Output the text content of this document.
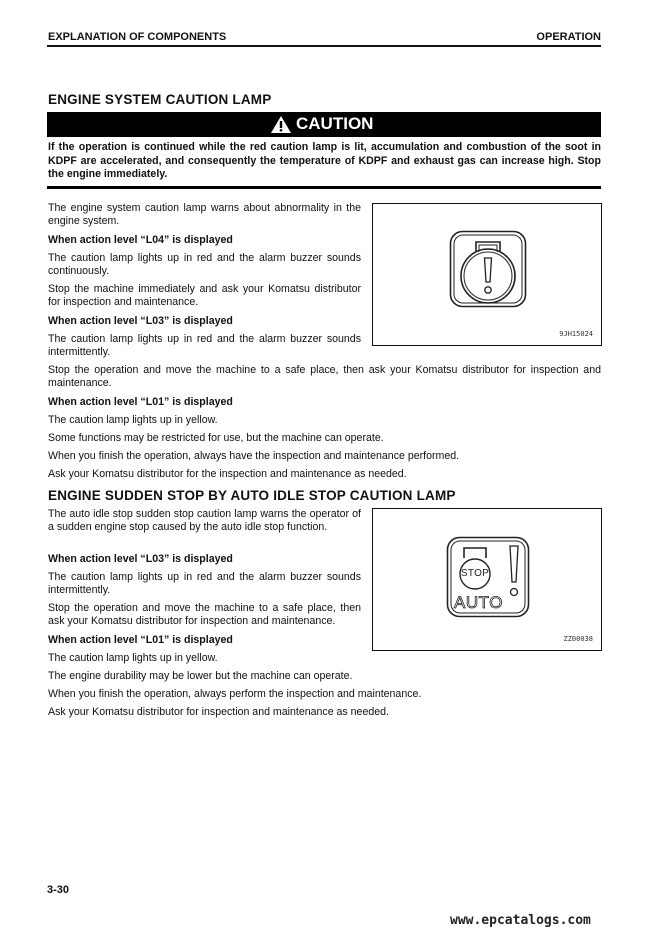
EXPLANATION OF COMPONENTS	OPERATION
ENGINE SYSTEM CAUTION LAMP
CAUTION
If the operation is continued while the red caution lamp is lit, accumulation and combustion of the soot in KDPF are accelerated, and consequently the temperature of KDPF and exhaust gas can increase high. Stop the engine immediately.

The engine system caution lamp warns about abnormality in the engine system.

When action level “L04” is displayed

The caution lamp lights up in red and the alarm buzzer sounds continuously.

Stop the machine immediately and ask your Komatsu distributor for inspection and maintenance.

When action level “L03” is displayed

The caution lamp lights up in red and the alarm buzzer sounds intermittently.

Stop the operation and move the machine to a safe place, then ask your Komatsu distributor for inspection and maintenance.

When action level “L01” is displayed

The caution lamp lights up in yellow.

Some functions may be restricted for use, but the machine can operate.

When you finish the operation, always have the inspection and maintenance performed.

Ask your Komatsu distributor for the inspection and maintenance as needed.

9JH15024
ENGINE SUDDEN STOP BY AUTO IDLE STOP CAUTION LAMP

The auto idle stop sudden stop caution lamp warns the operator of a sudden engine stop caused by the auto idle stop function.

When action level “L03” is displayed

The caution lamp lights up in red and the alarm buzzer sounds intermittently.

Stop the operation and move the machine to a safe place, then ask your Komatsu distributor for inspection and maintenance.

When action level “L01” is displayed

The caution lamp lights up in yellow.

The engine durability may be lower but the machine can operate.

When you finish the operation, always perform the inspection and maintenance.

Ask your Komatsu distributor for inspection and maintenance as needed.

STOP
AUTO
ZZ00038
3-30
www.epcatalogs.com
